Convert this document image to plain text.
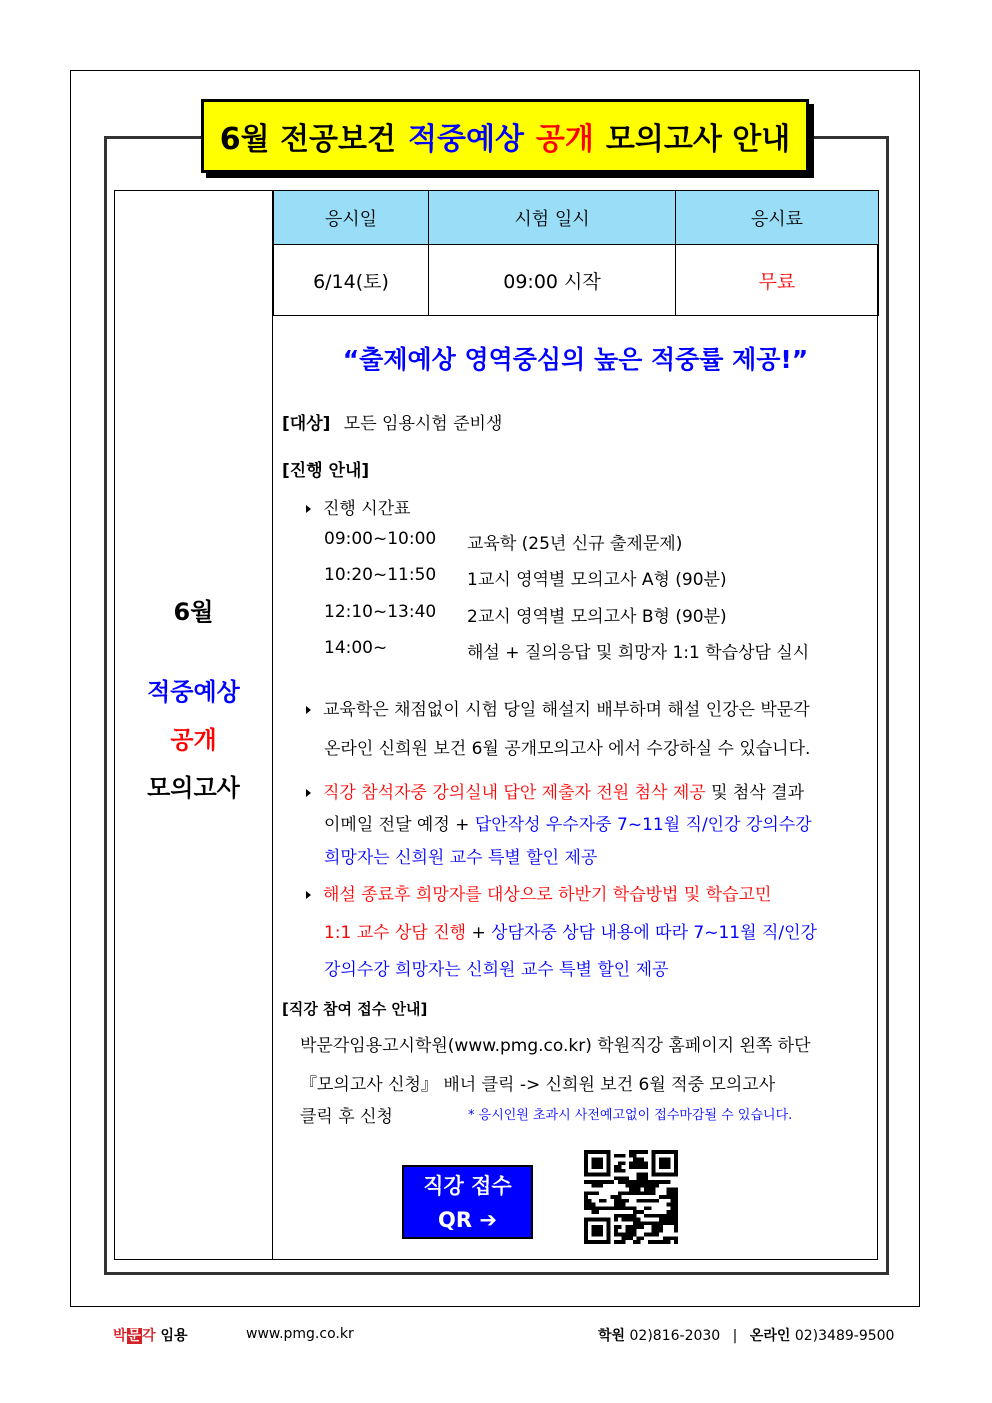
6월 전공보건 적중예상 공개 모의고사 안내
6월
적중예상
공개
모의고사
응시일	시험 일시	응시료
6/14(토)	09:00 시작	무료
“출제예상 영역중심의 높은 적중률 제공!”
[대상] 모든 임용시험 준비생
[진행 안내]
진행 시간표
09:00~10:00 교육학 (25년 신규 출제문제)
10:20~11:50 1교시 영역별 모의고사 A형 (90분)
12:10~13:40 2교시 영역별 모의고사 B형 (90분)
14:00~	해설 + 질의응답 및 희망자 1:1 학습상담 실시
교육학은 채점없이 시험 당일 해설지 배부하며 해설 인강은 박문각
온라인 신희원 보건 6월 공개모의고사 에서 수강하실 수 있습니다.
직강 참석자중 강의실내 답안 제출자 전원 첨삭 제공 및 첨삭 결과
이메일 전달 예정 + 답안작성 우수자중 7~11월 직/인강 강의수강
희망자는 신희원 교수 특별 할인 제공
해설 종료후 희망자를 대상으로 하반기 학습방법 및 학습고민
1:1 교수 상담 진행 + 상담자중 상담 내용에 따라 7~11월 직/인강
강의수강 희망자는 신희원 교수 특별 할인 제공
[직강 참여 접수 안내]
박문각임용고시학원(www.pmg.co.kr) 학원직강 홈페이지 왼쪽 하단
『모의고사 신청』 배너 클릭 -> 신희원 보건 6월 적중 모의고사
클릭 후 신청	* 응시인원 초과시 사전예고없이 접수마감될 수 있습니다.
직강 접수
QR ➔
박문각 임용	www.pmg.co.kr	학원 02)816-2030 | 온라인 02)3489-9500
